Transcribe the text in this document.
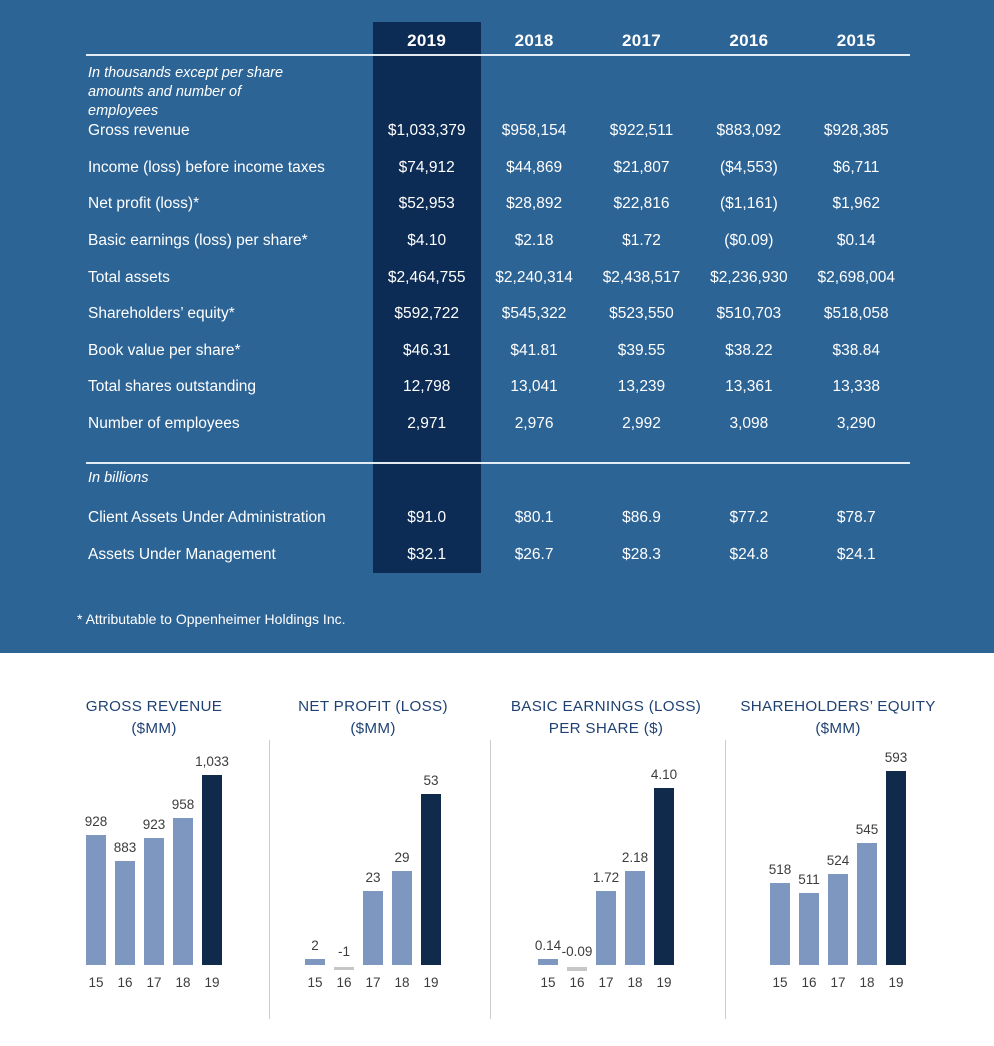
2019	2018	2017	2016	2015
In thousands except per share amounts and number of employees
Gross revenue	$1,033,379	$958,154	$922,511	$883,092	$928,385
Income (loss) before income taxes	$74,912	$44,869	$21,807	($4,553)	$6,711
Net profit (loss)*	$52,953	$28,892	$22,816	($1,161)	$1,962
Basic earnings (loss) per share*	$4.10	$2.18	$1.72	($0.09)	$0.14
Total assets	$2,464,755	$2,240,314	$2,438,517	$2,236,930	$2,698,004
Shareholders’ equity*	$592,722	$545,322	$523,550	$510,703	$518,058
Book value per share*	$46.31	$41.81	$39.55	$38.22	$38.84
Total shares outstanding	12,798	13,041	13,239	13,361	13,338
Number of employees	2,971	2,976	2,992	3,098	3,290
In billions
Client Assets Under Administration	$91.0	$80.1	$86.9	$77.2	$78.7
Assets Under Management	$32.1	$26.7	$28.3	$24.8	$24.1
* Attributable to Oppenheimer Holdings Inc.
GROSS REVENUE
($MM)
928
15
883
16
923
17
958
18
1,033
19
NET PROFIT (LOSS)
($MM)
2
15
-1
16
23
17
29
18
53
19
BASIC EARNINGS (LOSS)
PER SHARE ($)
0.14
15
-0.09
16
1.72
17
2.18
18
4.10
19
SHAREHOLDERS’ EQUITY
($MM)
518
15
511
16
524
17
545
18
593
19
